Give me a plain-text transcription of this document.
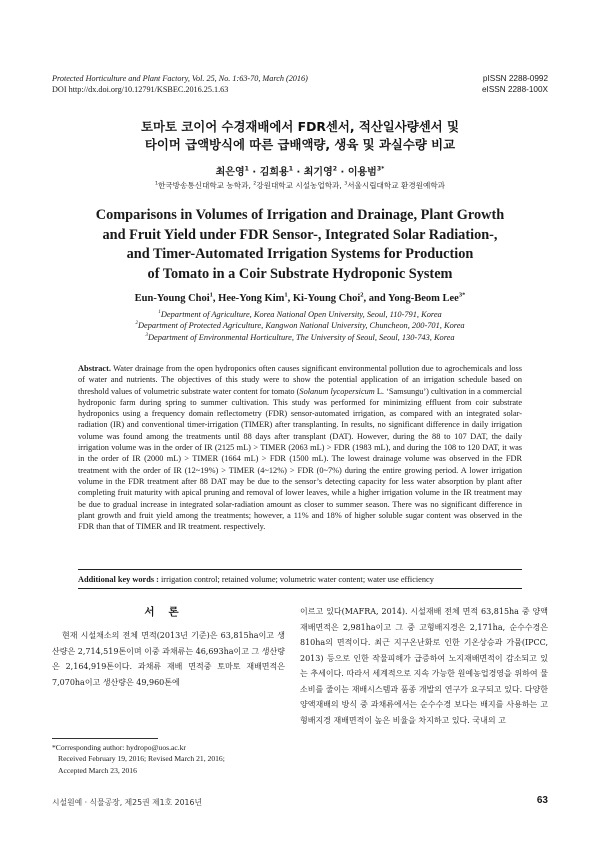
Protected Horticulture and Plant Factory, Vol. 25, No. 1:63-70, March (2016)
DOI http://dx.doi.org/10.12791/KSBEC.2016.25.1.63
pISSN 2288-0992
eISSN 2288-100X
토마토 코이어 수경재배에서 FDR센서, 적산일사량센서 및
타이머 급액방식에 따른 급배액량, 생육 및 과실수량 비교
최은영$^1$ · 김희용$^1$ · 최기영$^2$ · 이용범$^{3*}$
$^1$한국방송통신대학교 농학과, $^2$강원대학교 시설농업학과, $^3$서울시립대학교 환경원예학과
Comparisons in Volumes of Irrigation and Drainage, Plant Growth
and Fruit Yield under FDR Sensor-, Integrated Solar Radiation-,
and Timer-Automated Irrigation Systems for Production
of Tomato in a Coir Substrate Hydroponic System
Eun-Young Choi$^1$, Hee-Yong Kim$^1$, Ki-Young Choi$^2$, and Yong-Beom Lee$^{3*}$
$^1$Department of Agriculture, Korea National Open University, Seoul, 110-791, Korea
$^2$Department of Protected Agriculture, Kangwon National University, Chuncheon, 200-701, Korea
$^3$Department of Environmental Horticulture, The University of Seoul, Seoul, 130-743, Korea
Abstract. Water drainage from the open hydroponics often causes significant environmental pollution due to agrochemicals and loss of water and nutrients. The objectives of this study were to show the potential application of an irrigation schedule based on threshold values of volumetric substrate water content for tomato (Solanum lycopersicum L. ‘Samsungu’) cultivation in a commercial hydroponic farm during spring to summer cultivation. This study was performed for minimizing effluent from coir substrate hydroponics using a frequency domain reflectometry (FDR) sensor-automated irrigation, as compared with an integrated solar-radiation (IR) and conventional timer-irrigation (TIMER) after transplanting. In results, no significant difference in daily irrigation volume was found among the treatments until 88 days after transplant (DAT). However, during the 88 to 107 DAT, the daily irrigation volume was in the order of IR (2125 mL) > TIMER (2063 mL) > FDR (1983 mL), and during the 108 to 120 DAT, it was in the order of IR (2000 mL) > TIMER (1664 mL) > FDR (1500 mL). The lowest drainage volume was observed in the FDR treatment with the order of IR (12~19%) > TIMER (4~12%) > FDR (0~7%) during the entire growing period. A lower irrigation volume in the FDR treatment after 88 DAT may be due to the sensor’s detecting capacity for less water absorption by plant after completing fruit maturity with apical pruning and removal of lower leaves, while a higher irrigation volume in the IR treatment may be due to gradual increase in integrated solar-radiation amount as closer to summer season. There was no significant difference in plant growth and fruit yield among the treatments; however, a 11% and 18% of higher soluble sugar content was observed in the FDR than that of TIMER and IR treatment. respectively.
Additional key words : irrigation control; retained volume; volumetric water content; water use efficiency
서론
현재 시설채소의 전체 면적(2013년 기준)은 63,815ha이고 생산량은 2,714,519톤이며 이중 과채류는 46,693ha이고 그 생산량은 2,164,919톤이다. 과채류 재배 면적중 토마토 재배면적은 7,070ha이고 생산량은 49,960톤에
이르고 있다(MAFRA, 2014). 시설재배 전체 면적 63,815ha 중 양액재배면적은 2,981ha이고 그 중 고형배지경은 2,171ha, 순수수경은810ha의 면적이다. 최근 지구온난화로 인한 기온상승과 가뭄(IPCC, 2013) 등으로 인한 작물피해가 급증하여 노지재배면적이 감소되고 있는 추세이다. 따라서 세계적으로 지속 가능한 원예농업경영을 위하여 물소비를 줄이는 재배시스템과 품종 개발의 연구가 요구되고 있다. 다양한 양액재배의 방식 중 과채류에서는 순수수경 보다는 배지를 사용하는 고형배지경 재배면적이 높은 비율을 차지하고 있다. 국내의 고
*Corresponding author: hydropo@uos.ac.kr
Received February 19, 2016; Revised March 21, 2016;
Accepted March 23, 2016
시설원예 · 식물공장, 제25권 제1호 2016년	63
